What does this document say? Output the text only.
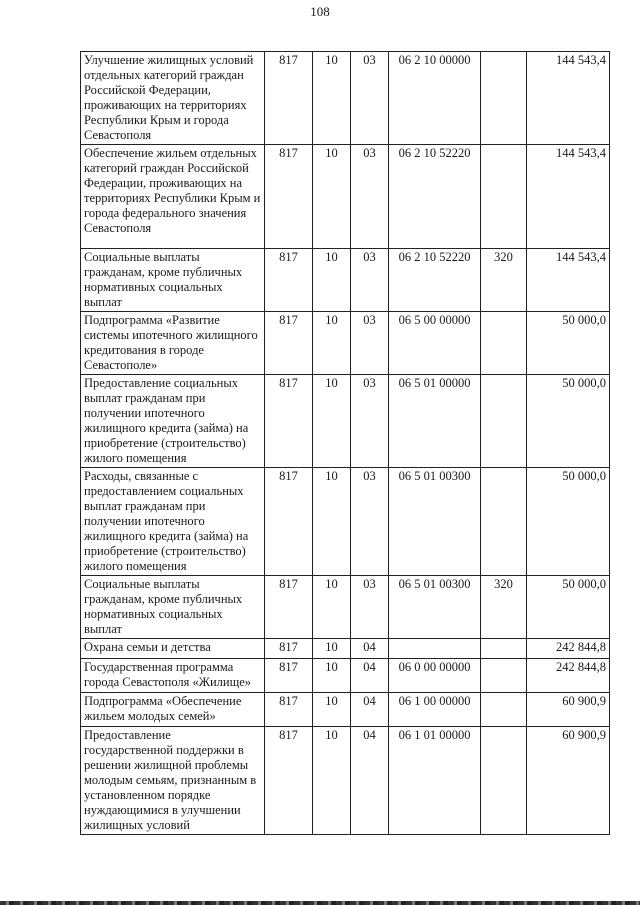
108
Улучшение жилищных условий отдельных категорий граждан Российской Федерации, проживающих на территориях Республики Крым и города Севастополя	817	10	03	06 2 10 00000		144 543,4
Обеспечение жильем отдельных категорий граждан Российской Федерации, проживающих на территориях Республики Крым и города федерального значения Севастополя	817	10	03	06 2 10 52220		144 543,4
Социальные выплаты гражданам, кроме публичных нормативных социальных выплат	817	10	03	06 2 10 52220	320	144 543,4
Подпрограмма «Развитие системы ипотечного жилищного кредитования в городе Севастополе»	817	10	03	06 5 00 00000		50 000,0
Предоставление социальных выплат гражданам при получении ипотечного жилищного кредита (займа) на приобретение (строительство) жилого помещения	817	10	03	06 5 01 00000		50 000,0
Расходы, связанные с предоставлением социальных выплат гражданам при получении ипотечного жилищного кредита (займа) на приобретение (строительство) жилого помещения	817	10	03	06 5 01 00300		50 000,0
Социальные выплаты гражданам, кроме публичных нормативных социальных выплат	817	10	03	06 5 01 00300	320	50 000,0
Охрана семьи и детства	817	10	04			242 844,8
Государственная программа города Севастополя «Жилище»	817	10	04	06 0 00 00000		242 844,8
Подпрограмма «Обеспечение жильем молодых семей»	817	10	04	06 1 00 00000		60 900,9
Предоставление государственной поддержки в решении жилищной проблемы молодым семьям, признанным в установленном порядке нуждающимися в улучшении жилищных условий	817	10	04	06 1 01 00000		60 900,9
